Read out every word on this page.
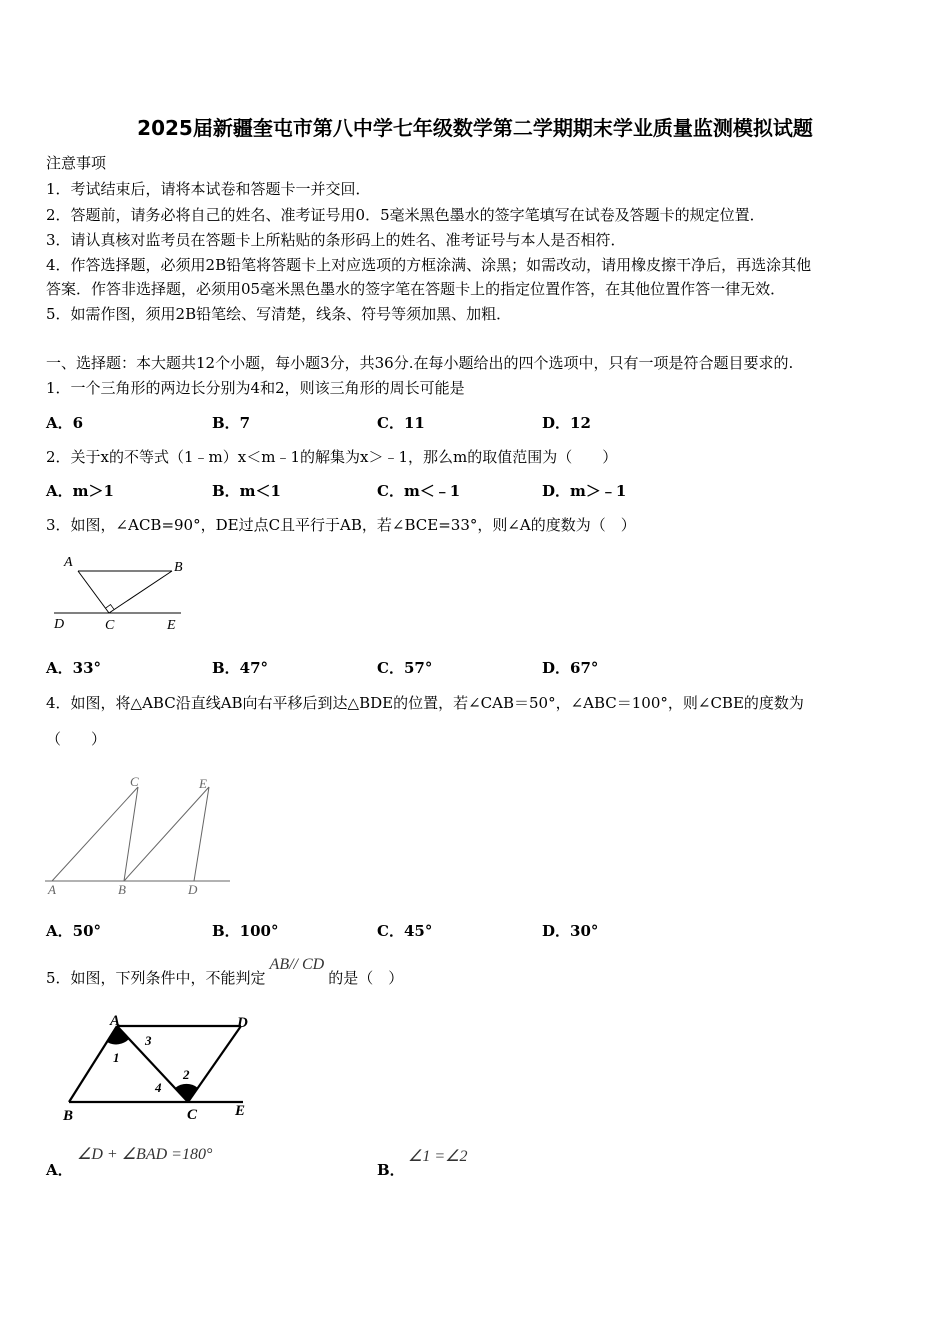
2025届新疆奎屯市第八中学七年级数学第二学期期末学业质量监测模拟试题
注意事项
1．考试结束后，请将本试卷和答题卡一并交回．
2．答题前，请务必将自己的姓名、准考证号用0．5毫米黑色墨水的签字笔填写在试卷及答题卡的规定位置．
3．请认真核对监考员在答题卡上所粘贴的条形码上的姓名、准考证号与本人是否相符．
4．作答选择题，必须用2B铅笔将答题卡上对应选项的方框涂满、涂黑；如需改动，请用橡皮擦干净后，再选涂其他
答案．作答非选择题，必须用05毫米黑色墨水的签字笔在答题卡上的指定位置作答，在其他位置作答一律无效．
5．如需作图，须用2B铅笔绘、写清楚，线条、符号等须加黑、加粗．
一、选择题：本大题共12个小题，每小题3分，共36分.在每小题给出的四个选项中，只有一项是符合题目要求的.
1．一个三角形的两边长分别为4和2，则该三角形的周长可能是
A．6	B．7	C．11	D．12
2．关于x的不等式（1﹣m）x＜m﹣1的解集为x＞﹣1，那么m的取值范围为（　　）
A．m＞1	B．m＜1	C．m＜﹣1	D．m＞﹣1
3．如图，∠ACB=90°，DE过点C且平行于AB，若∠BCE=33°，则∠A的度数为（　）
A	B
D	C	E
A．33°	B．47°	C．57°	D．67°
4．如图，将△ABC沿直线AB向右平移后到达△BDE的位置，若∠CAB＝50°，∠ABC＝100°，则∠CBE的度数为
（　　）
C	E
A	B	D
A．50°	B．100°	C．45°	D．30°
5．如图，下列条件中，不能判定AB// CD的是（　）
A	D
B	C	E
1
2
3
4
A．
∠D + ∠BAD =180°
B．
∠1 =∠2
